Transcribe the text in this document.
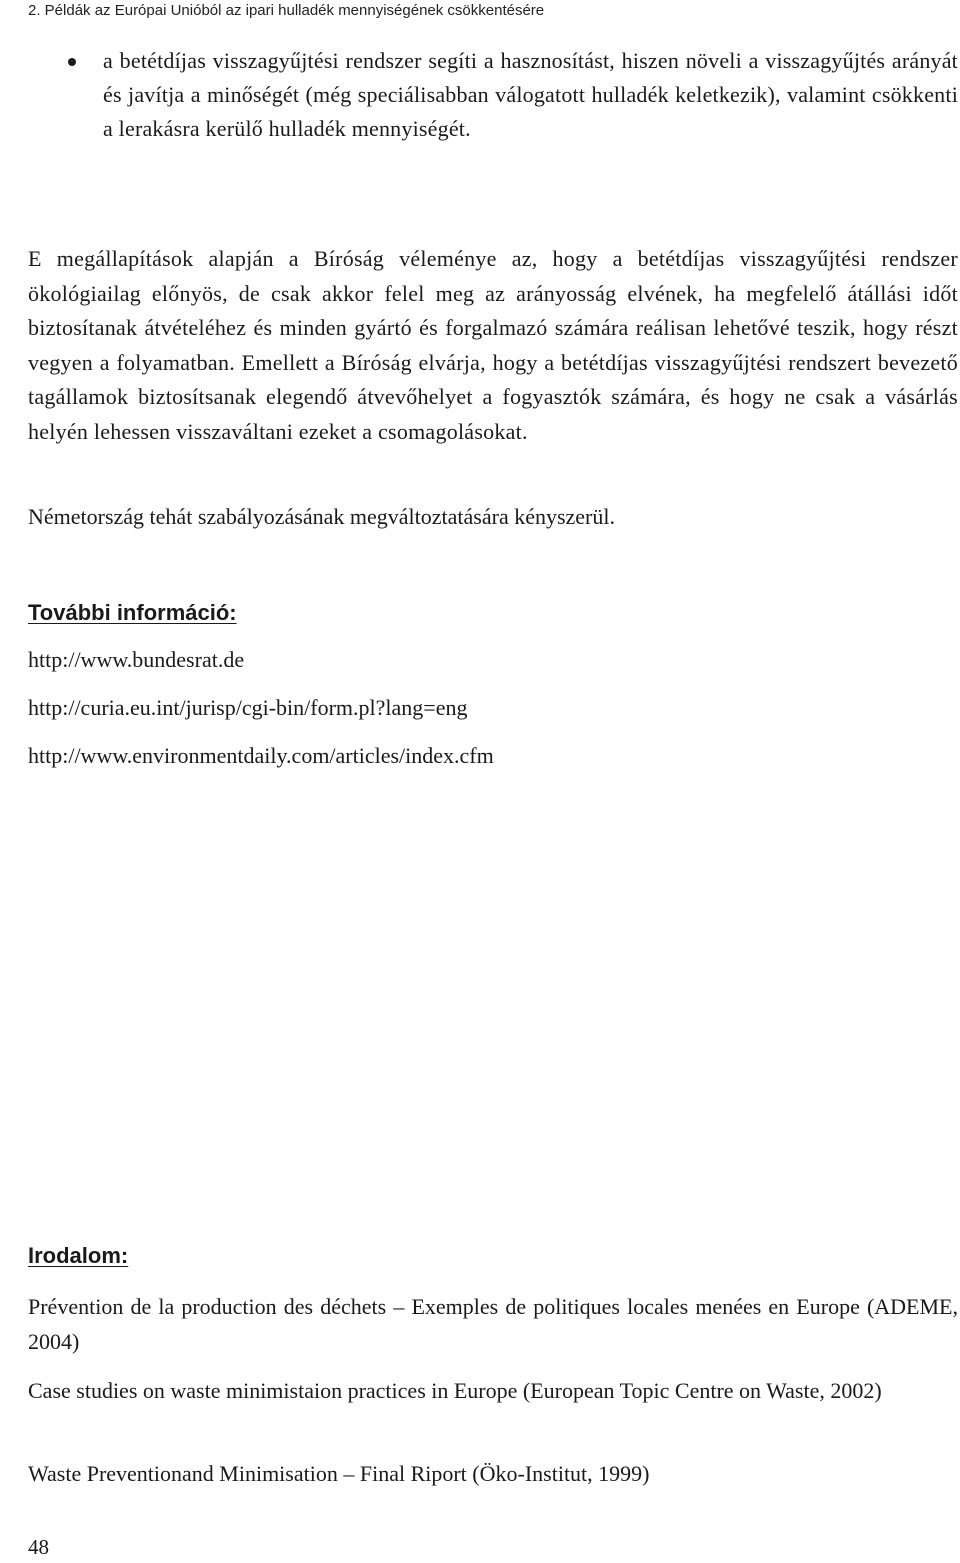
2. Példák az Európai Unióból az ipari hulladék mennyiségének csökkentésére
a betétdíjas visszagyűjtési rendszer segíti a hasznosítást, hiszen növeli a visszagyűjtés arányát és javítja a minőségét (még speciálisabban válogatott hulladék keletkezik), valamint csökkenti a lerakásra kerülő hulladék mennyiségét.

E megállapítások alapján a Bíróság véleménye az, hogy a betétdíjas visszagyűjtési rendszer ökológiailag előnyös, de csak akkor felel meg az arányosság elvének, ha megfelelő átállási időt biztosítanak átvételéhez és minden gyártó és forgalmazó számára reálisan lehetővé teszik, hogy részt vegyen a folyamatban. Emellett a Bíróság elvárja, hogy a betétdíjas visszagyűjtési rendszert bevezető tagállamok biztosítsanak elegendő átvevőhelyet a fogyasztók számára, és hogy ne csak a vásárlás helyén lehessen visszaváltani ezeket a csomagolásokat.

Németország tehát szabályozásának megváltoztatására kényszerül.

További információ:
http://www.bundesrat.de
http://curia.eu.int/jurisp/cgi-bin/form.pl?lang=eng
http://www.environmentdaily.com/articles/index.cfm
Irodalom:

Prévention de la production des déchets – Exemples de politiques locales menées en Europe (ADEME, 2004)

Case studies on waste minimistaion practices in Europe (European Topic Centre on Waste, 2002)

Waste Preventionand Minimisation – Final Riport (Öko-Institut, 1999)

48
